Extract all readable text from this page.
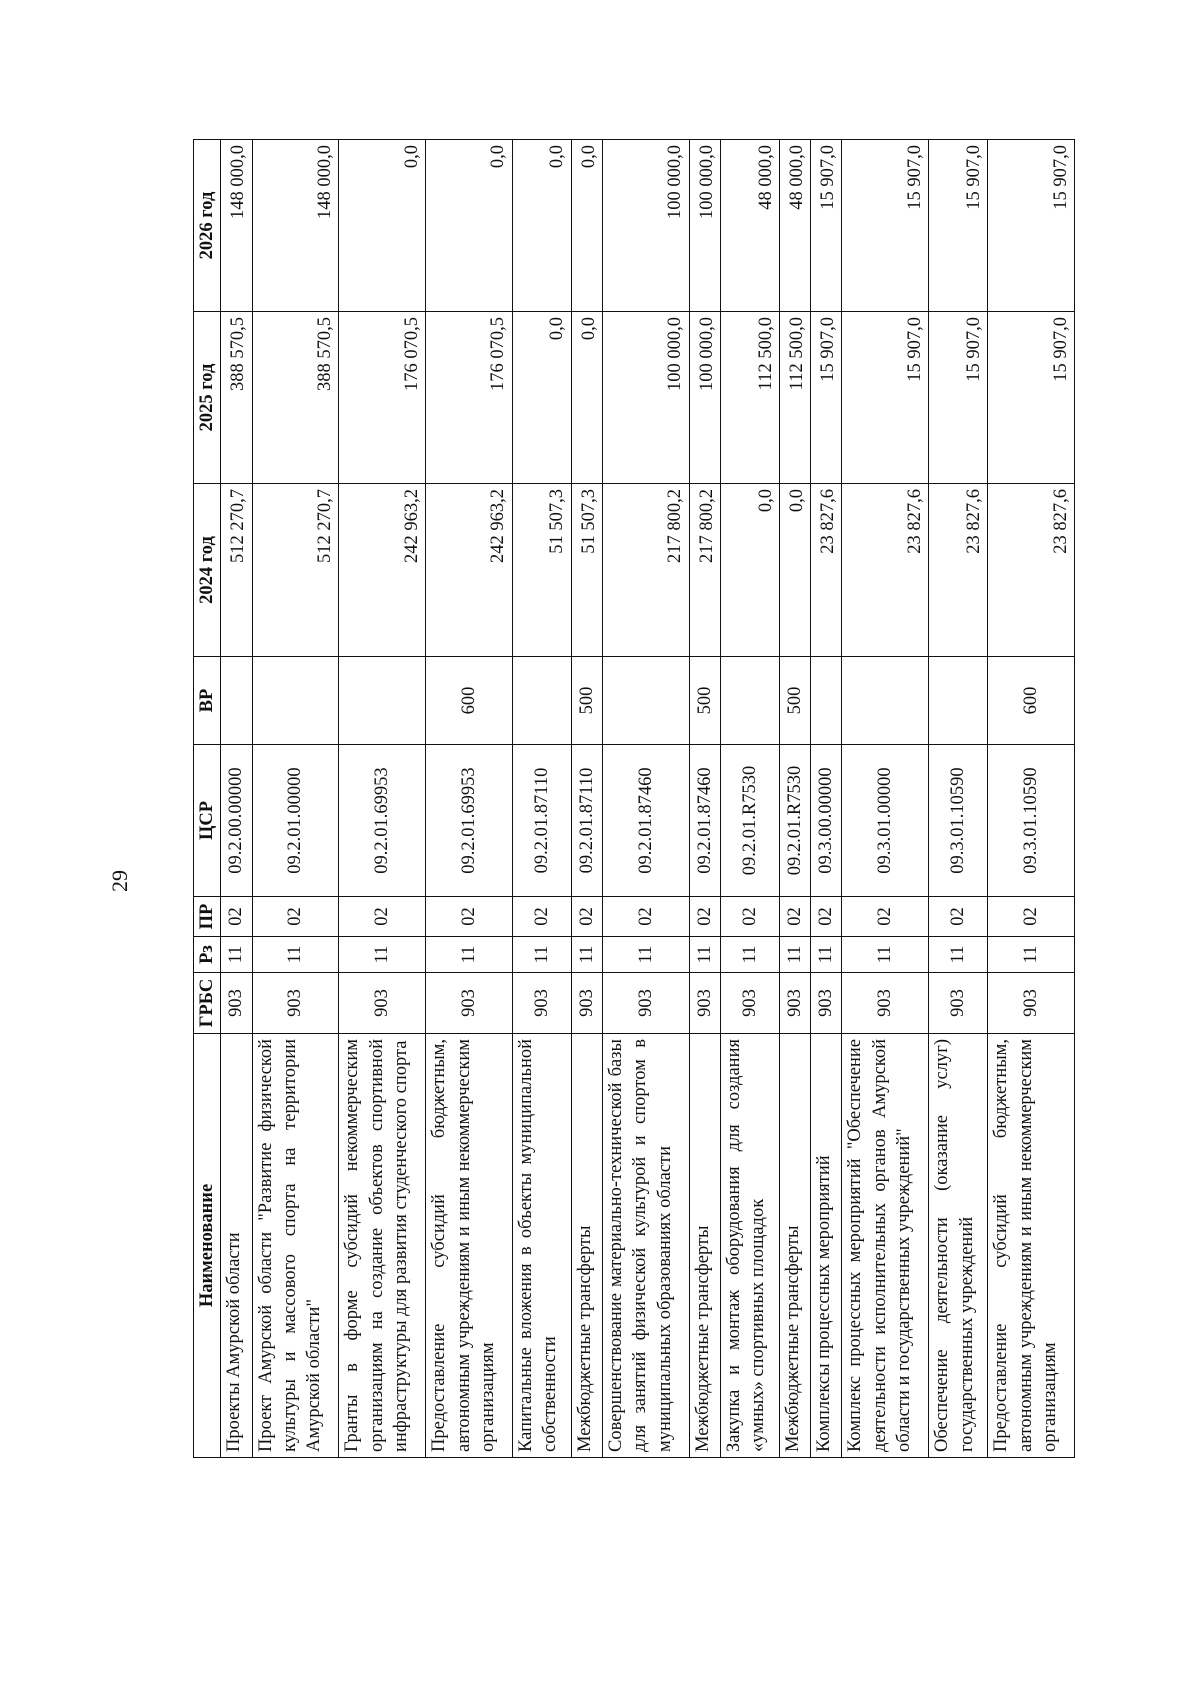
29
Наименование	ГРБС	Рз	ПР	ЦСР	ВР	2024 год	2025 год	2026 год
Проекты Амурской области	903	11	02	09.2.00.00000		512 270,7	388 570,5	148 000,0
Проект Амурской области "Развитие физической культуры и массового спорта на территории Амурской области"	903	11	02	09.2.01.00000		512 270,7	388 570,5	148 000,0
Гранты в форме субсидий некоммерческим организациям на создание объектов спортивной инфраструктуры для развития студенческого спорта	903	11	02	09.2.01.69953		242 963,2	176 070,5	0,0
Предоставление субсидий бюджетным, автономным учреждениям и иным некоммерческим организациям	903	11	02	09.2.01.69953	600	242 963,2	176 070,5	0,0
Капитальные вложения в объекты муниципальной собственности	903	11	02	09.2.01.87110		51 507,3	0,0	0,0
Межбюджетные трансферты	903	11	02	09.2.01.87110	500	51 507,3	0,0	0,0
Совершенствование материально-технической базы для занятий физической культурой и спортом в муниципальных образованиях области	903	11	02	09.2.01.87460		217 800,2	100 000,0	100 000,0
Межбюджетные трансферты	903	11	02	09.2.01.87460	500	217 800,2	100 000,0	100 000,0
Закупка и монтаж оборудования для создания «умных» спортивных площадок	903	11	02	09.2.01.R7530		0,0	112 500,0	48 000,0
Межбюджетные трансферты	903	11	02	09.2.01.R7530	500	0,0	112 500,0	48 000,0
Комплексы процессных мероприятий	903	11	02	09.3.00.00000		23 827,6	15 907,0	15 907,0
Комплекс процессных мероприятий "Обеспечение деятельности исполнительных органов Амурской области и государственных учреждений"	903	11	02	09.3.01.00000		23 827,6	15 907,0	15 907,0
Обеспечение деятельности (оказание услуг) государственных учреждений	903	11	02	09.3.01.10590		23 827,6	15 907,0	15 907,0
Предоставление субсидий бюджетным, автономным учреждениям и иным некоммерческим организациям	903	11	02	09.3.01.10590	600	23 827,6	15 907,0	15 907,0
